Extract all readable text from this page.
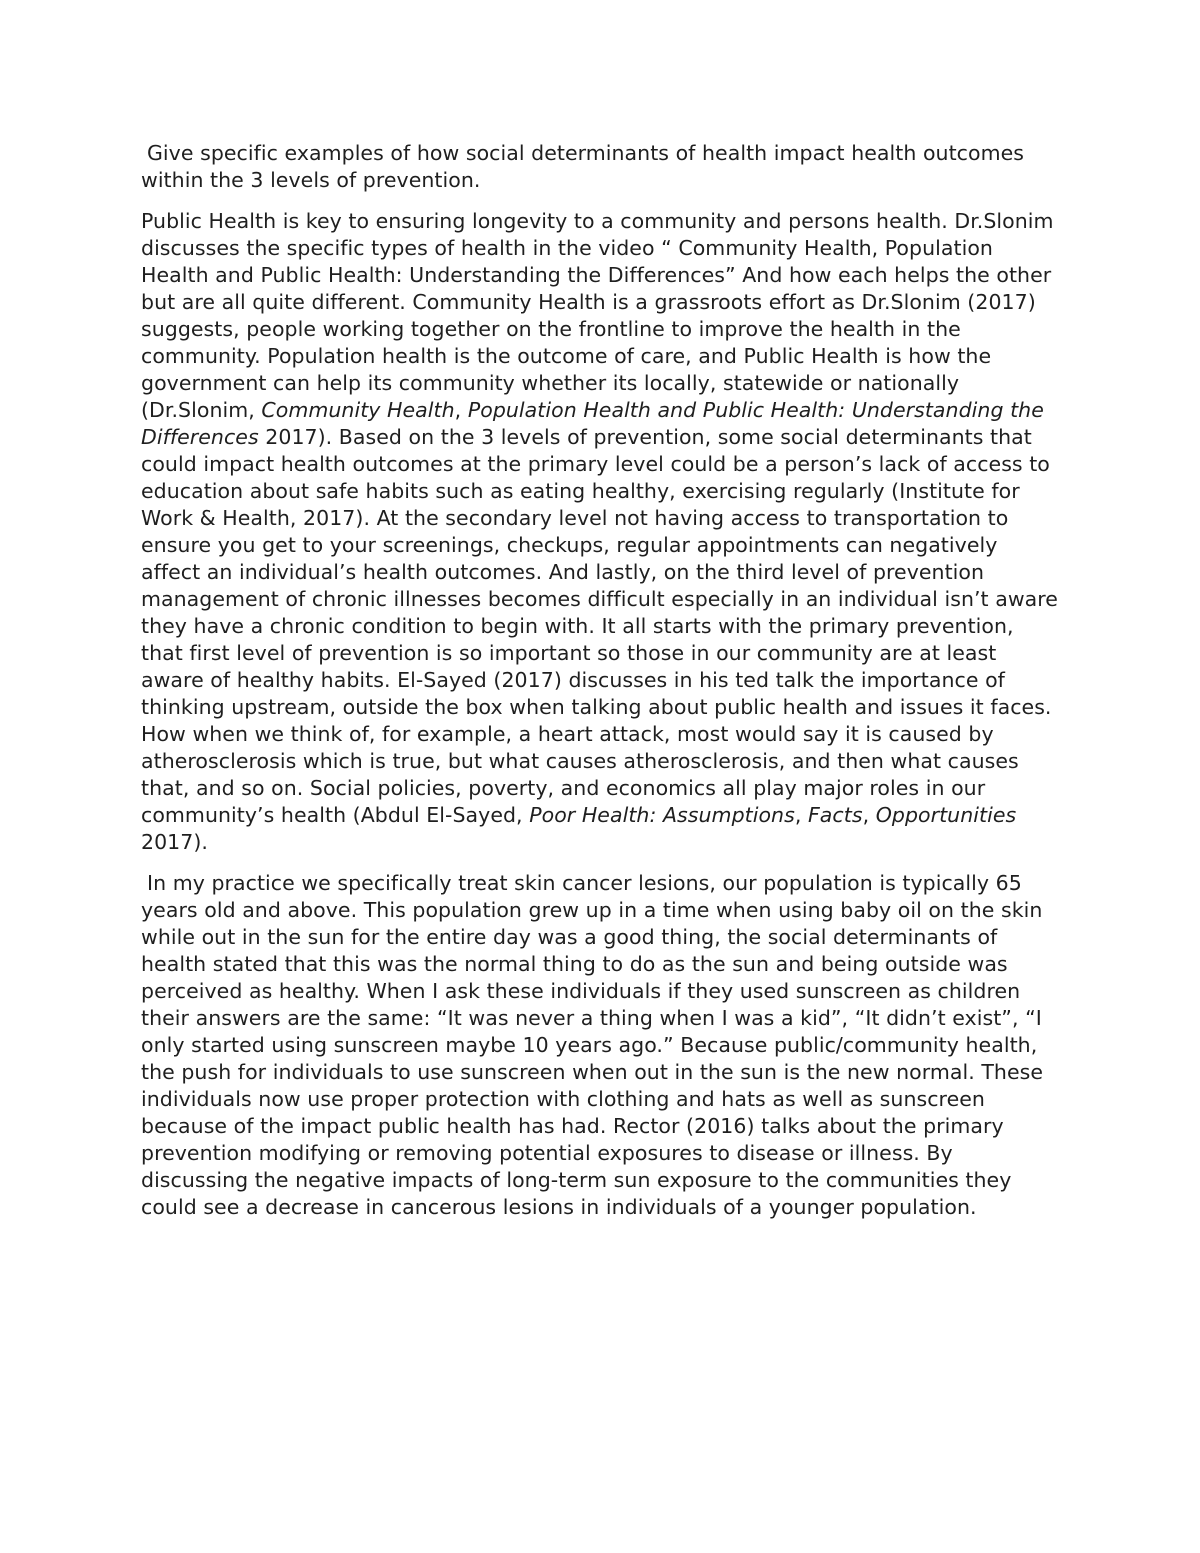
Give specific examples of how social determinants of health impact health outcomes within the 3 levels of prevention.

Public Health is key to ensuring longevity to a community and persons health. Dr.Slonim discusses the specific types of health in the video “ Community Health, Population Health and Public Health: Understanding the Differences” And how each helps the other but are all quite different. Community Health is a grassroots effort as Dr.Slonim (2017) suggests, people working together on the frontline to improve the health in the community. Population health is the outcome of care, and Public Health is how the government can help its community whether its locally, statewide or nationally (Dr.Slonim, Community Health, Population Health and Public Health: Understanding the Differences 2017). Based on the 3 levels of prevention, some social determinants that could impact health outcomes at the primary level could be a person’s lack of access to education about safe habits such as eating healthy, exercising regularly (Institute for Work & Health, 2017). At the secondary level not having access to transportation to ensure you get to your screenings, checkups, regular appointments can negatively affect an individual’s health outcomes. And lastly, on the third level of prevention management of chronic illnesses becomes difficult especially in an individual isn’t aware they have a chronic condition to begin with. It all starts with the primary prevention, that first level of prevention is so important so those in our community are at least aware of healthy habits. El-Sayed (2017) discusses in his ted talk the importance of thinking upstream, outside the box when talking about public health and issues it faces. How when we think of, for example, a heart attack, most would say it is caused by atherosclerosis which is true, but what causes atherosclerosis, and then what causes that, and so on. Social policies, poverty, and economics all play major roles in our community’s health (Abdul El-Sayed, Poor Health: Assumptions, Facts, Opportunities 2017).

In my practice we specifically treat skin cancer lesions, our population is typically 65 years old and above. This population grew up in a time when using baby oil on the skin while out in the sun for the entire day was a good thing, the social determinants of health stated that this was the normal thing to do as the sun and being outside was perceived as healthy. When I ask these individuals if they used sunscreen as children their answers are the same: “It was never a thing when I was a kid”, “It didn’t exist”, “I only started using sunscreen maybe 10 years ago.” Because public/community health, the push for individuals to use sunscreen when out in the sun is the new normal. These individuals now use proper protection with clothing and hats as well as sunscreen because of the impact public health has had. Rector (2016) talks about the primary prevention modifying or removing potential exposures to disease or illness. By discussing the negative impacts of long-term sun exposure to the communities they could see a decrease in cancerous lesions in individuals of a younger population.
